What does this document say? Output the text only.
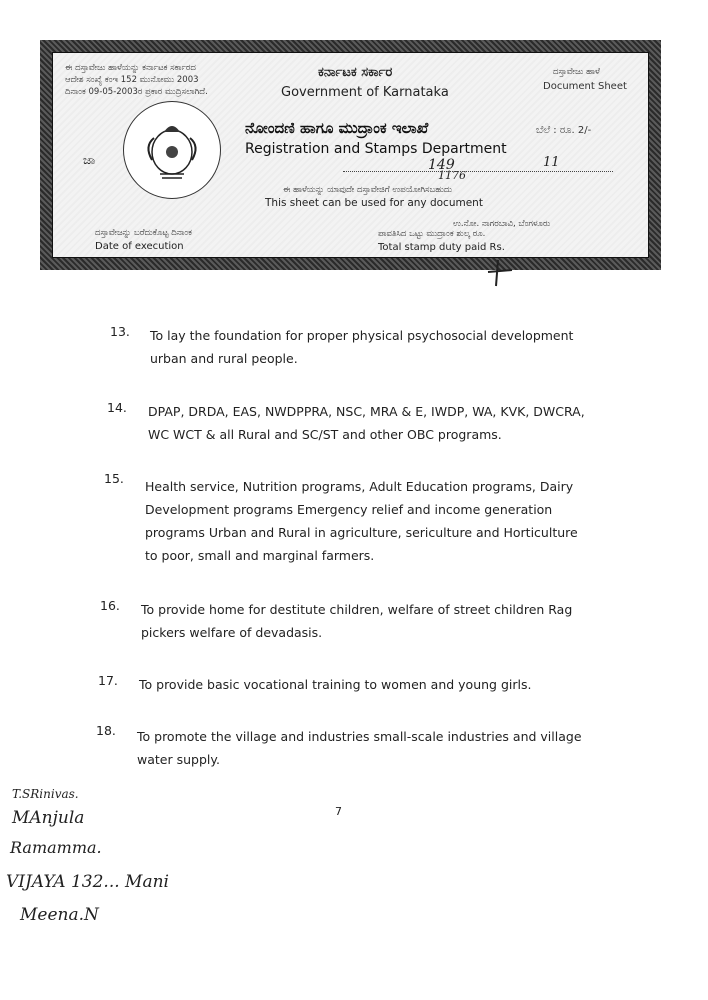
ಈ ದಸ್ತಾವೇಜು ಹಾಳೆಯನ್ನು ಕರ್ನಾಟಕ ಸರ್ಕಾರದ
ಆದೇಶ ಸಂಖ್ಯೆ ಕಂಇ 152 ಮುನೋಮು 2003
ದಿನಾಂಕ 09-05-2003ರ ಪ್ರಕಾರ ಮುದ್ರಿಸಲಾಗಿದೆ.
ಕರ್ನಾಟಕ ಸರ್ಕಾರ
Government of Karnataka
ದಸ್ತಾವೇಜು ಹಾಳೆ
Document Sheet
ಜಾ
ನೋಂದಣಿ ಹಾಗೂ ಮುದ್ರಾಂಕ ಇಲಾಖೆ
Registration and Stamps Department
ಬೆಲೆ : ರೂ. 2/-
149	11
1176
ಈ ಹಾಳೆಯನ್ನು ಯಾವುದೇ ದಸ್ತಾವೇಜಿಗೆ ಉಪಯೋಗಿಸಬಹುದು
This sheet can be used for any document
ದಸ್ತಾವೇಜನ್ನು ಬರೆದುಕೊಟ್ಟ ದಿನಾಂಕ
Date of execution
ಉ.ನೋ. ನಾಗರಬಾವಿ, ಬೆಂಗಳೂರು
ಪಾವತಿಸಿದ ಒಟ್ಟು ಮುದ್ರಾಂಕ ಶುಲ್ಕ ರೂ.
Total stamp duty paid Rs.
13. To lay the foundation for proper physical psychosocial development
urban and rural people.
14. DPAP, DRDA, EAS, NWDPPRA, NSC, MRA & E, IWDP, WA, KVK, DWCRA,
WC WCT & all Rural and SC/ST and other OBC programs.
15.
Health service, Nutrition programs, Adult Education programs, Dairy
Development programs Emergency relief and income generation
programs Urban and Rural in agriculture, sericulture and Horticulture
to poor, small and marginal farmers.
16. To provide home for destitute children, welfare of street children Rag
pickers welfare of devadasis.
17. To provide basic vocational training to women and young girls.
18. To promote the village and industries small-scale industries and village
water supply.
7
T.SRinivas.
MAnjula
Ramamma.
VIJAYA 132... Mani
Meena.N
